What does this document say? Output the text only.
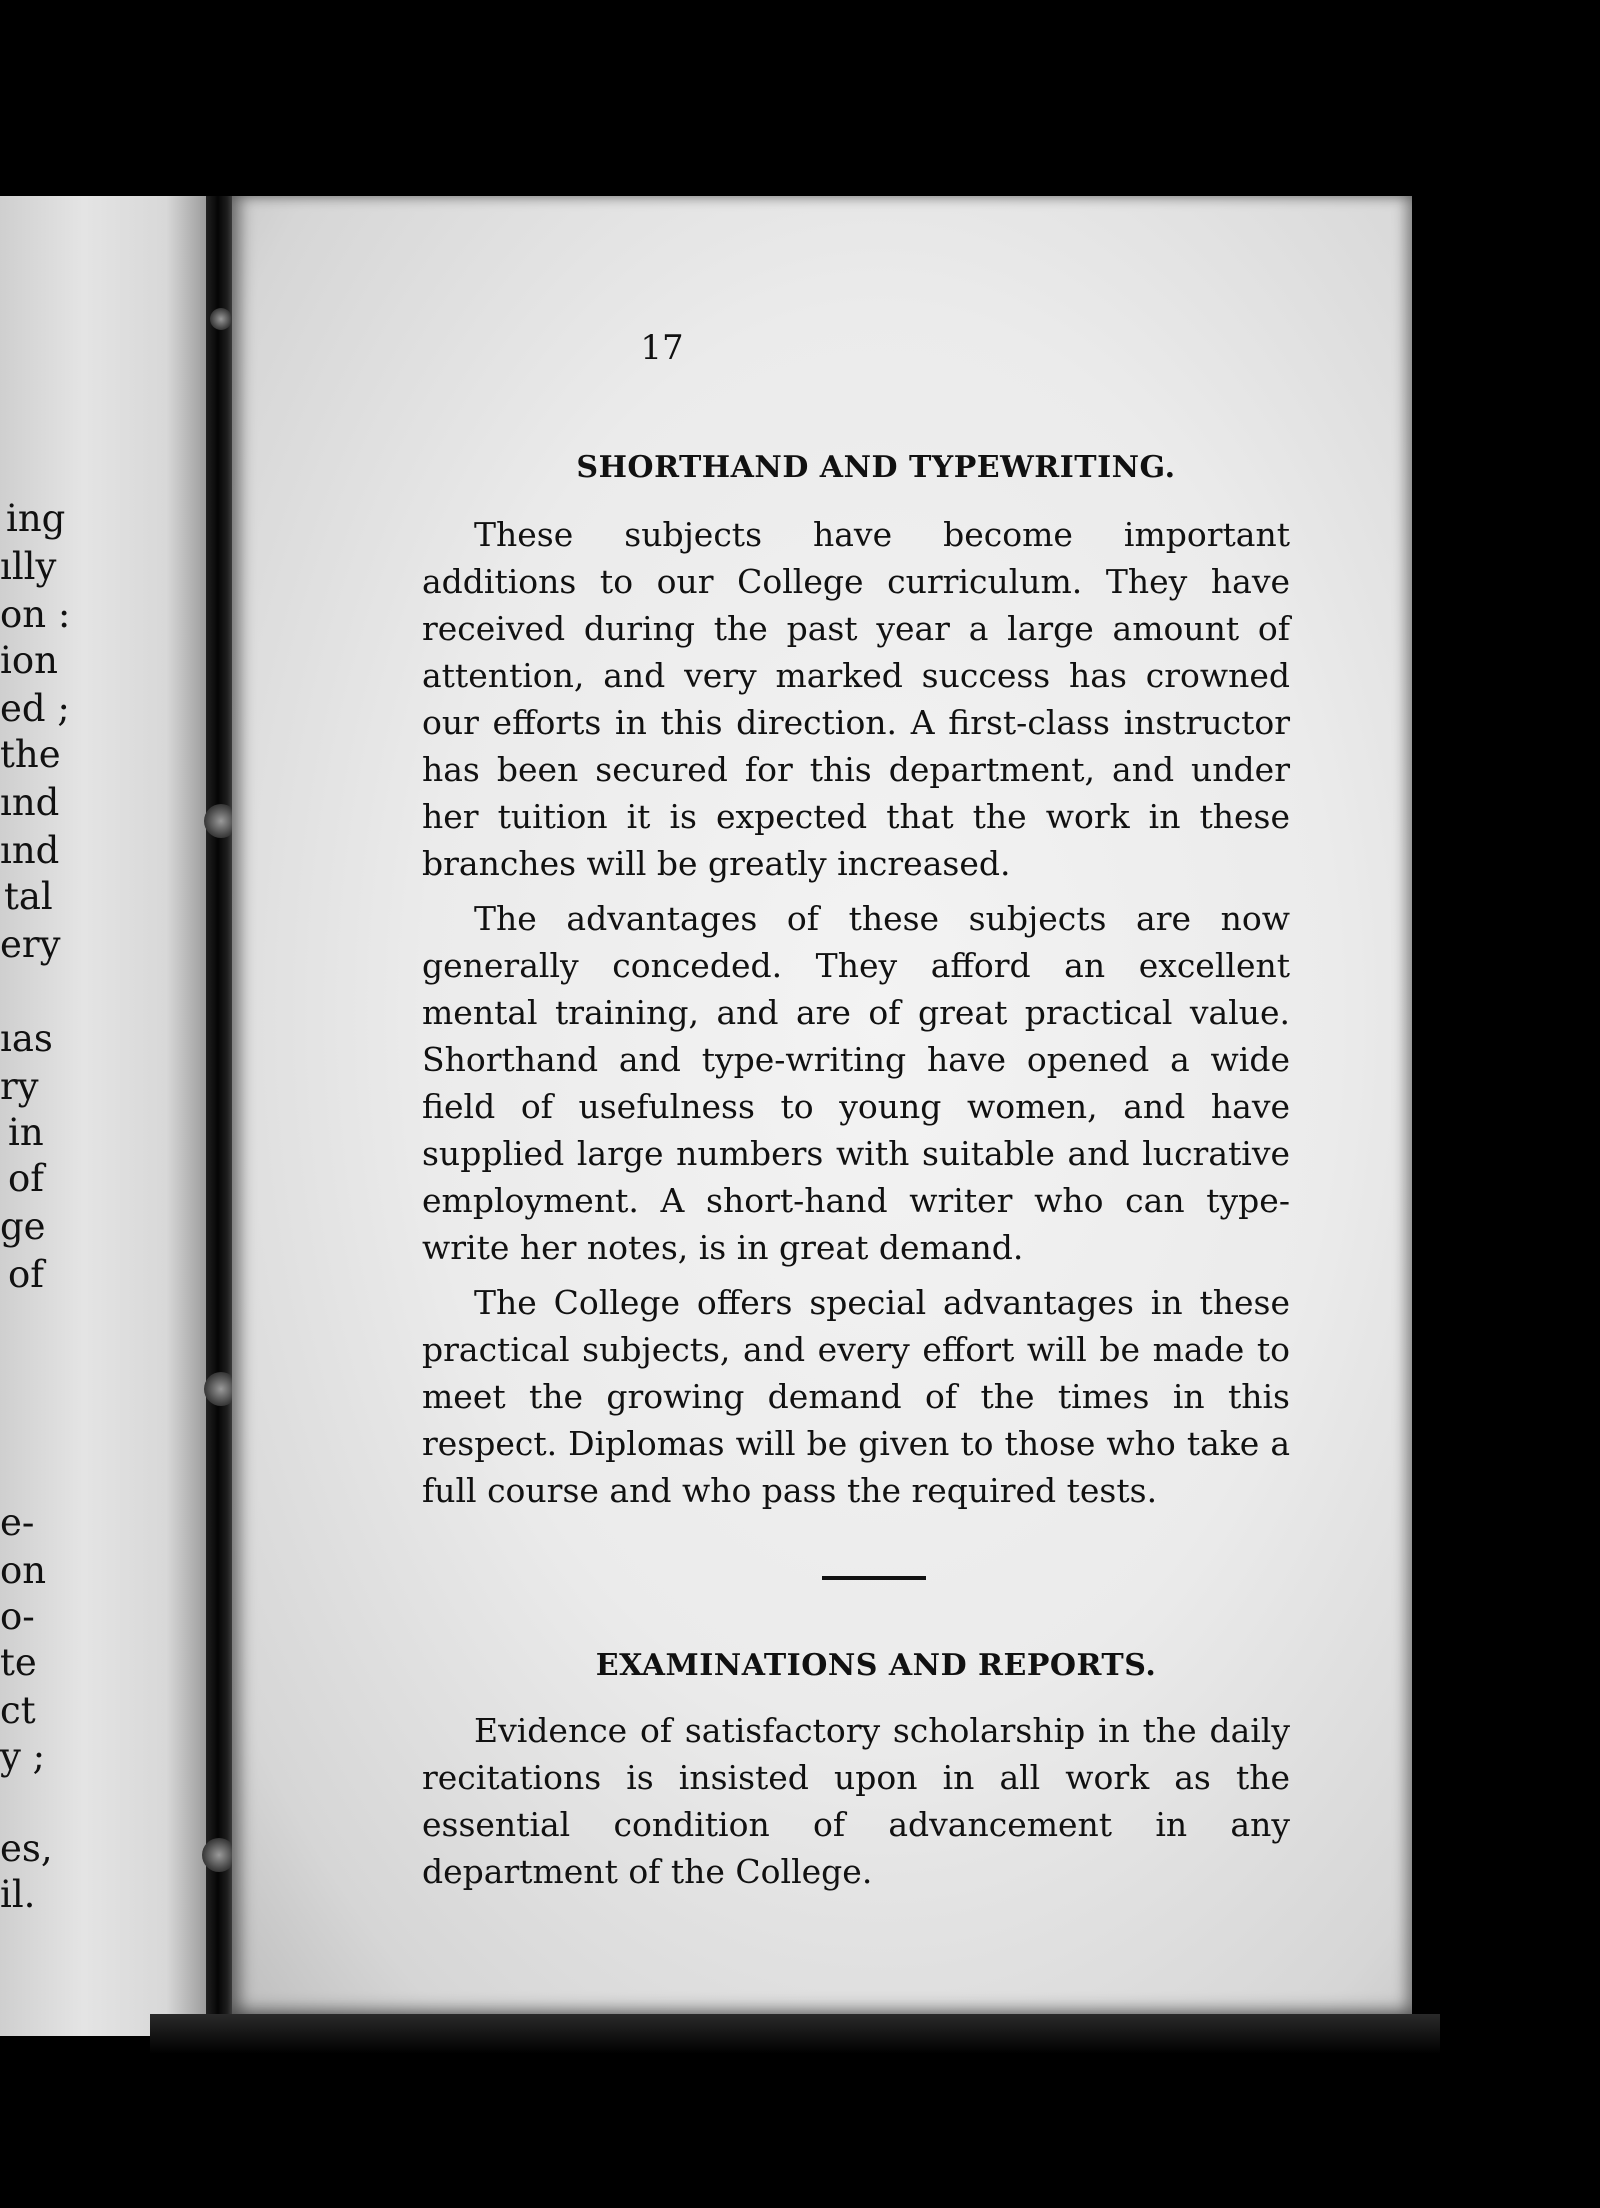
ing
ılly
on :
ion
ed ;
the
ınd
ınd
tal
ery
ıas
ry
in
of
ge
of
e-
on
o-
te
ct
y ;
es,
il.
17
SHORTHAND AND TYPEWRITING.

These subjects have become important additions to our College curriculum. They have received during the past year a large amount of attention, and very marked success has crowned our efforts in this direction. A first-class instructor has been secured for this department, and under her tuition it is expected that the work in these branches will be greatly increased.

The advantages of these subjects are now generally conceded. They afford an excellent mental training, and are of great practical value. Shorthand and type-writing have opened a wide field of usefulness to young women, and have supplied large numbers with suitable and lucrative employment. A short-hand writer who can type-write her notes, is in great demand.

The College offers special advantages in these practical subjects, and every effort will be made to meet the growing demand of the times in this respect. Diplomas will be given to those who take a full course and who pass the required tests.

EXAMINATIONS AND REPORTS.

Evidence of satisfactory scholarship in the daily recitations is insisted upon in all work as the essential condition of advancement in any department of the College.
